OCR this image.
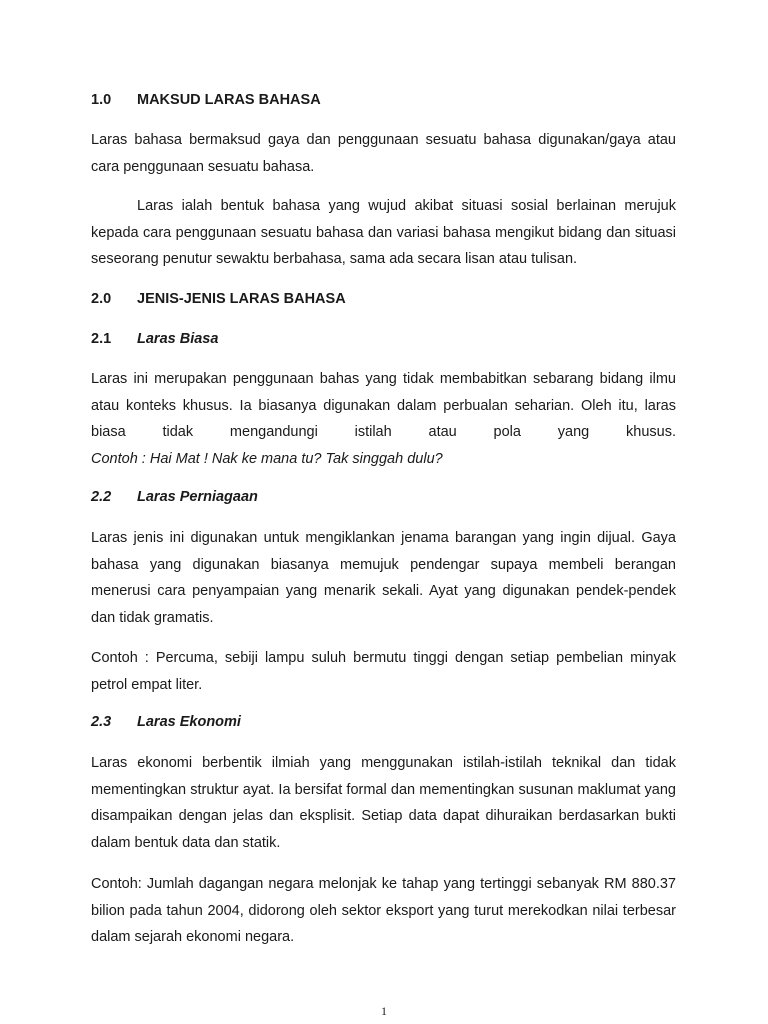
1.0 MAKSUD LARAS BAHASA

Laras bahasa bermaksud gaya dan penggunaan sesuatu bahasa digunakan/gaya atau cara penggunaan sesuatu bahasa.

Laras ialah bentuk bahasa yang wujud akibat situasi sosial berlainan merujuk kepada cara penggunaan sesuatu bahasa dan variasi bahasa mengikut bidang dan situasi seseorang penutur sewaktu berbahasa, sama ada secara lisan atau tulisan.

2.0 JENIS-JENIS LARAS BAHASA
2.1 Laras Biasa
Laras ini merupakan penggunaan bahas yang tidak membabitkan sebarang bidang ilmu atau konteks khusus. Ia biasanya digunakan dalam perbualan seharian. Oleh itu, laras biasa tidak mengandungi istilah atau pola yang khusus.
Contoh : Hai Mat ! Nak ke mana tu? Tak singgah dulu?
2.2 Laras Perniagaan

Laras jenis ini digunakan untuk mengiklankan jenama barangan yang ingin dijual. Gaya bahasa yang digunakan biasanya memujuk pendengar supaya membeli berangan menerusi cara penyampaian yang menarik sekali. Ayat yang digunakan pendek-pendek dan tidak gramatis.

Contoh : Percuma, sebiji lampu suluh bermutu tinggi dengan setiap pembelian minyak petrol empat liter.

2.3 Laras Ekonomi

Laras ekonomi berbentik ilmiah yang menggunakan istilah-istilah teknikal dan tidak mementingkan struktur ayat. Ia bersifat formal dan mementingkan susunan maklumat yang disampaikan dengan jelas dan eksplisit. Setiap data dapat dihuraikan berdasarkan bukti dalam bentuk data dan statik.

Contoh: Jumlah dagangan negara melonjak ke tahap yang tertinggi sebanyak RM 880.37 bilion pada tahun 2004, didorong oleh sektor eksport yang turut merekodkan nilai terbesar dalam sejarah ekonomi negara.

1
